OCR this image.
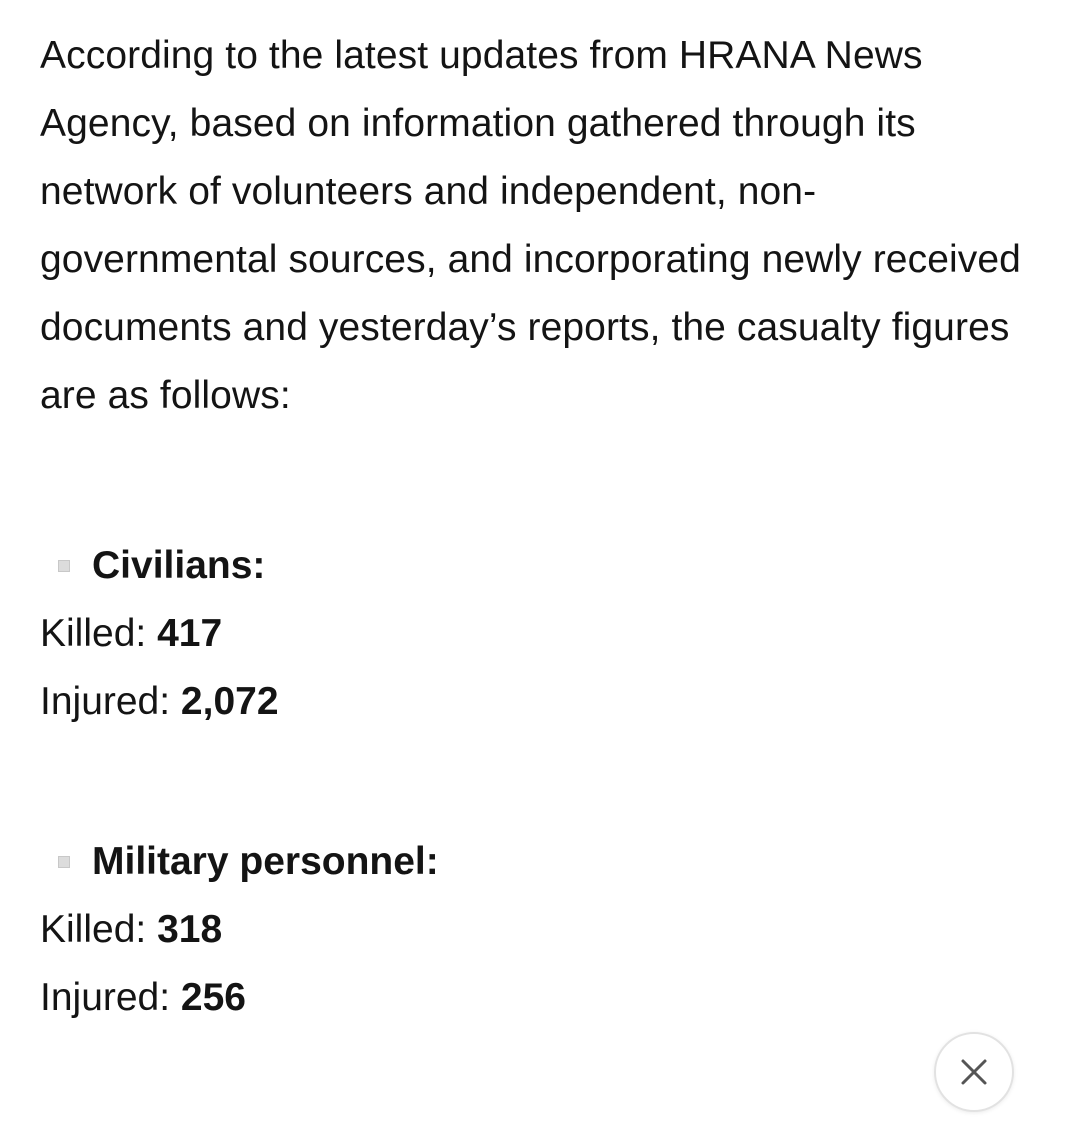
According to the latest updates from HRANA News Agency, based on information gathered through its network of volunteers and independent, non-governmental sources, and incorporating newly received documents and yesterday’s reports, the casualty figures are as follows:

Civilians:
Killed: 417
Injured: 2,072
Military personnel:
Killed: 318
Injured: 256
